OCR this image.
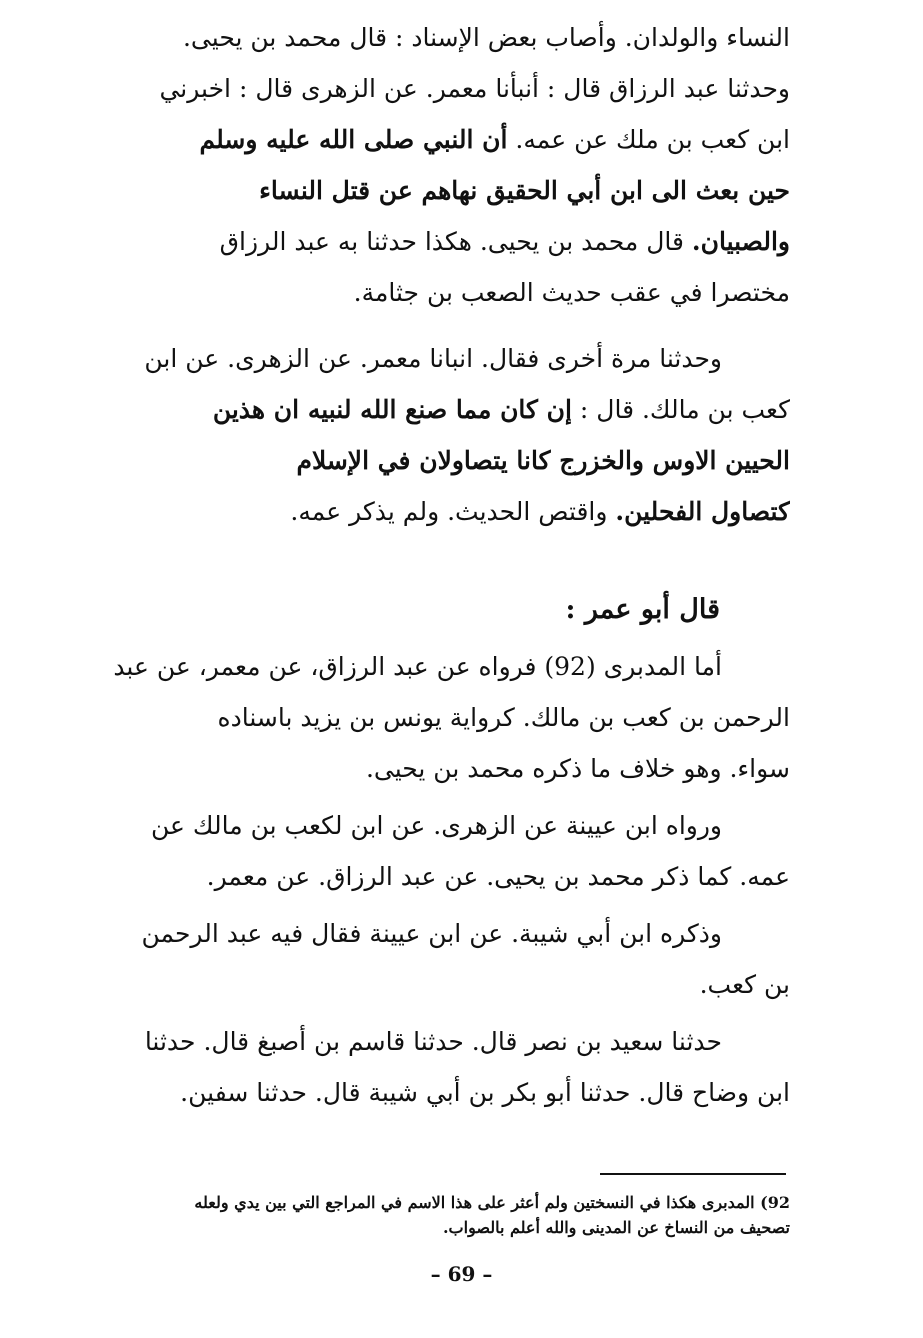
النساء والولدان. وأصاب بعض الإسناد : قال محمد بن يحيى.
وحدثنا عبد الرزاق قال : أنبأنا معمر. عن الزهرى قال : اخبرني
ابن كعب بن ملك عن عمه. أن النبي صلى الله عليه وسلم
حين بعث الى ابن أبي الحقيق نهاهم عن قتل النساء
والصبيان. قال محمد بن يحيى. هكذا حدثنا به عبد الرزاق
مختصرا في عقب حديث الصعب بن جثامة.
وحدثنا مرة أخرى فقال. انبانا معمر. عن الزهرى. عن ابن
كعب بن مالك. قال : إن كان مما صنع الله لنبيه ان هذين
الحيين الاوس والخزرج كانا يتصاولان في الإسلام
كتصاول الفحلين. واقتص الحديث. ولم يذكر عمه.
قال أبو عمر :
أما المدبرى (92) فرواه عن عبد الرزاق، عن معمر، عن عبد
الرحمن بن كعب بن مالك. كرواية يونس بن يزيد باسناده
سواء. وهو خلاف ما ذكره محمد بن يحيى.
ورواه ابن عيينة عن الزهرى. عن ابن لكعب بن مالك عن
عمه. كما ذكر محمد بن يحيى. عن عبد الرزاق. عن معمر.
وذكره ابن أبي شيبة. عن ابن عيينة فقال فيه عبد الرحمن
بن كعب.
حدثنا سعيد بن نصر قال. حدثنا قاسم بن أصبغ قال. حدثنا
ابن وضاح قال. حدثنا أبو بكر بن أبي شيبة قال. حدثنا سفين.
92) المدبرى هكذا في النسختين ولم أعثر على هذا الاسم في المراجع التي بين يدي ولعله
تصحيف من النساخ عن المدينى والله أعلم بالصواب.
– 69 –
